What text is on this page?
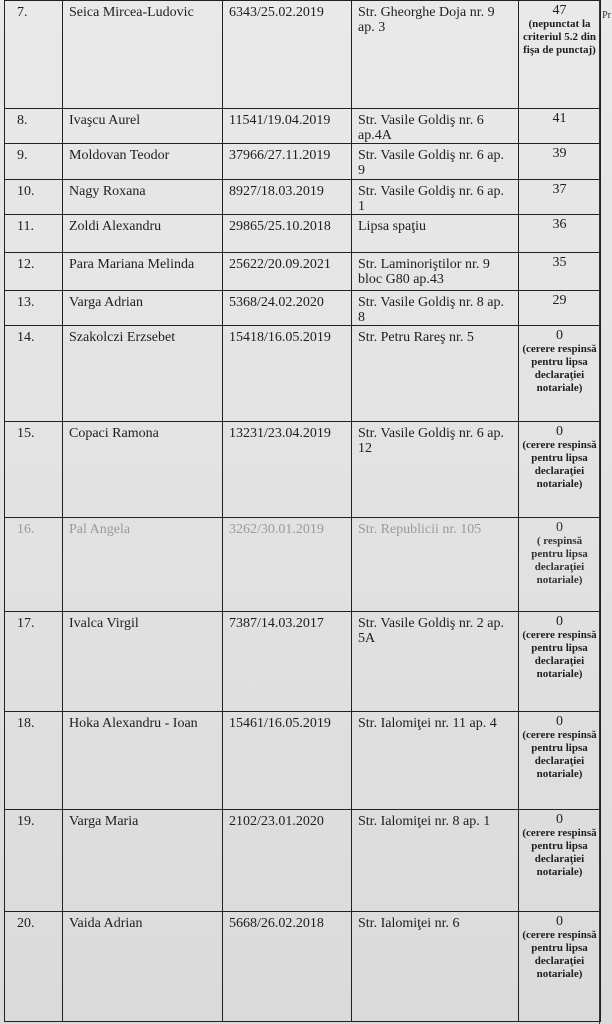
7.	Seica Mircea-Ludovic	6343/25.02.2019	Str. Gheorghe Doja nr. 9 ap. 3	47
(nepunctat la criteriul 5.2 din fişa de punctaj)

8.	Ivaşcu Aurel	11541/19.04.2019	Str. Vasile Goldiş nr. 6 ap.4A	41

9.	Moldovan Teodor	37966/27.11.2019	Str. Vasile Goldiş nr. 6 ap. 9	39

10.	Nagy Roxana	8927/18.03.2019	Str. Vasile Goldiş nr. 6 ap. 1	37

11.	Zoldi Alexandru	29865/25.10.2018	Lipsa spaţiu	36

12.	Para Mariana Melinda	25622/20.09.2021	Str. Laminoriştilor nr. 9 bloc G80 ap.43	35

13.	Varga Adrian	5368/24.02.2020	Str. Vasile Goldiş nr. 8 ap. 8	29

14.	Szakolczi Erzsebet	15418/16.05.2019	Str. Petru Rareş nr. 5	0
(cerere respinsă pentru lipsa declaraţiei notariale)

15.	Copaci Ramona	13231/23.04.2019	Str. Vasile Goldiş nr. 6 ap. 12	0
(cerere respinsă pentru lipsa declaraţiei notariale)

16.	Pal Angela	3262/30.01.2019	Str. Republicii nr. 105	0
( respinsă pentru lipsa declaraţiei notariale)

17.	Ivalca Virgil	7387/14.03.2017	Str. Vasile Goldiş nr. 2 ap. 5A	0
(cerere respinsă pentru lipsa declaraţiei notariale)

18.	Hoka Alexandru - Ioan	15461/16.05.2019	Str. Ialomiţei nr. 11 ap. 4	0
(cerere respinsă pentru lipsa declaraţiei notariale)

19.	Varga Maria	2102/23.01.2020	Str. Ialomiţei nr. 8 ap. 1	0
(cerere respinsă pentru lipsa declaraţiei notariale)

20.	Vaida Adrian	5668/26.02.2018	Str. Ialomiţei nr. 6	0
(cerere respinsă pentru lipsa declaraţiei notariale)
Pr
